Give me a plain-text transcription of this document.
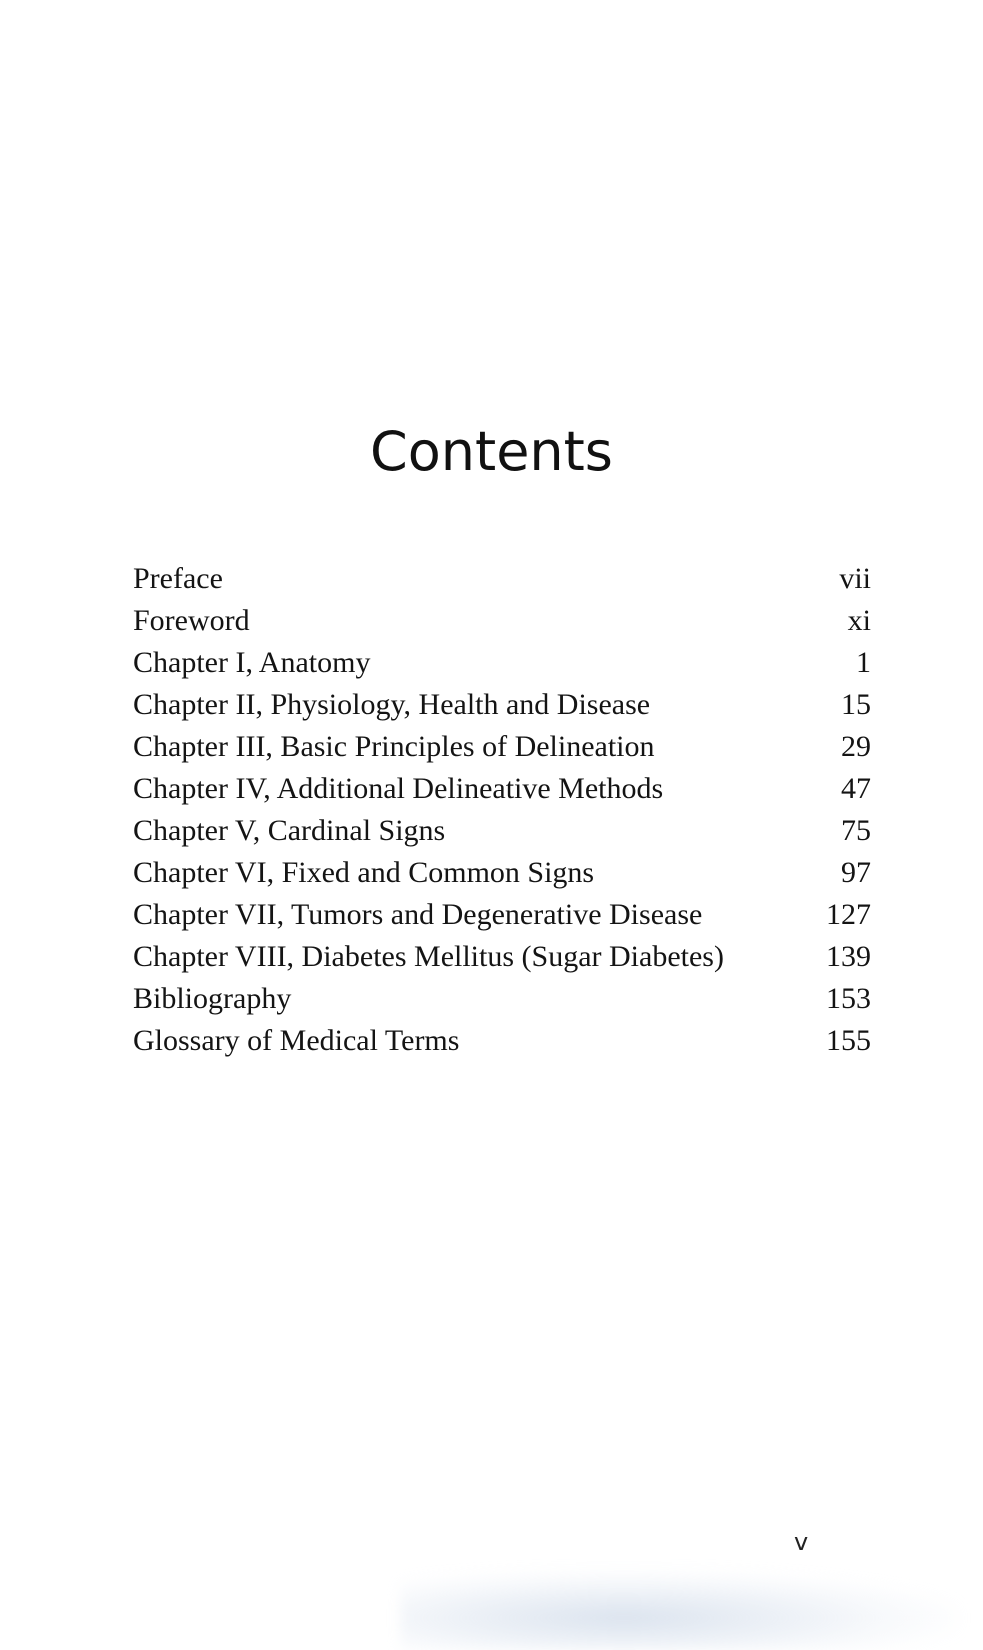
Contents
Preface	vii
Foreword	xi
Chapter I, Anatomy	1
Chapter II, Physiology, Health and Disease	15
Chapter III, Basic Principles of Delineation	29
Chapter IV, Additional Delineative Methods	47
Chapter V, Cardinal Signs	75
Chapter VI, Fixed and Common Signs	97
Chapter VII, Tumors and Degenerative Disease	127
Chapter VIII, Diabetes Mellitus (Sugar Diabetes)	139
Bibliography	153
Glossary of Medical Terms	155
v
